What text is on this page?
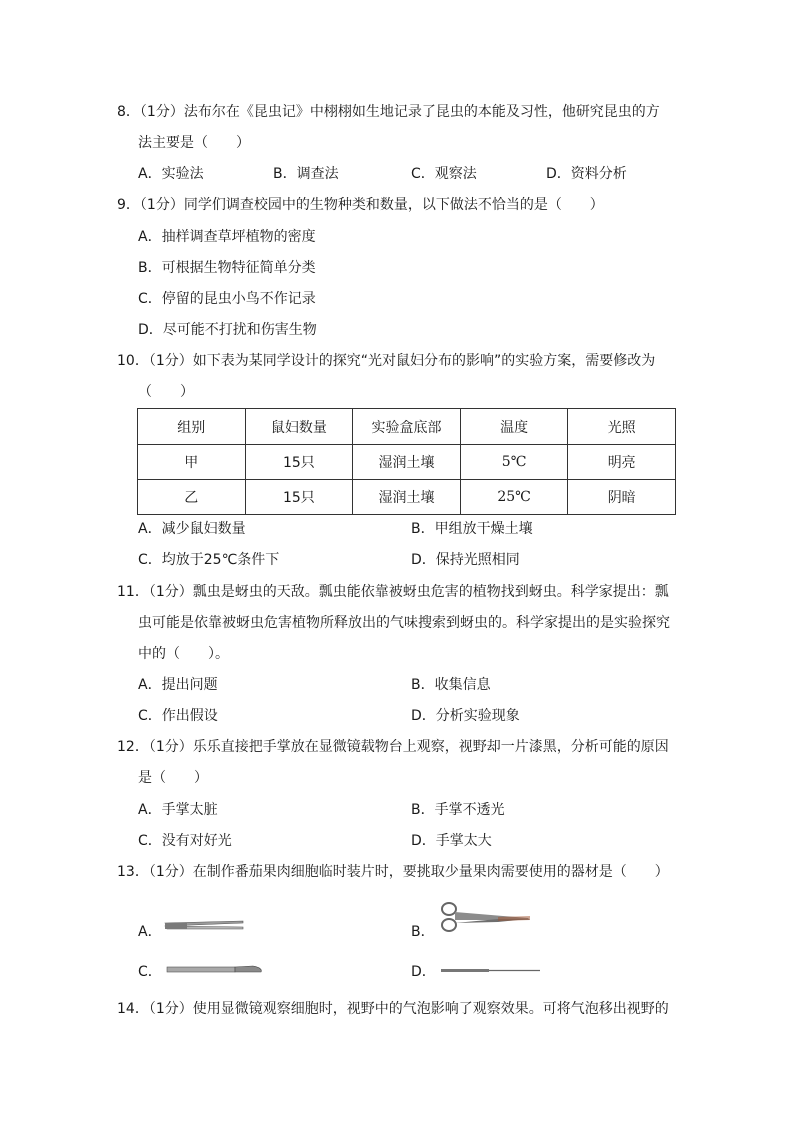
8．（1分）法布尔在《昆虫记》中栩栩如生地记录了昆虫的本能及习性，他研究昆虫的方
法主要是（　　）
A．实验法	B．调查法	C．观察法	D．资料分析
9．（1分）同学们调查校园中的生物种类和数量，以下做法不恰当的是（　　）
A．抽样调查草坪植物的密度
B．可根据生物特征简单分类
C．停留的昆虫小鸟不作记录
D．尽可能不打扰和伤害生物
10．（1分）如下表为某同学设计的探究“光对鼠妇分布的影响”的实验方案，需要修改为
（　　）
组别	鼠妇数量	实验盒底部	温度	光照
甲	15只	湿润土壤	5℃	明亮
乙	15只	湿润土壤	25℃	阴暗
A．减少鼠妇数量	B．甲组放干燥土壤
C．均放于25℃条件下	D．保持光照相同
11．（1分）瓢虫是蚜虫的天敌。瓢虫能依靠被蚜虫危害的植物找到蚜虫。科学家提出：瓢
虫可能是依靠被蚜虫危害植物所释放出的气味搜索到蚜虫的。科学家提出的是实验探究
中的（　　）。
A．提出问题	B．收集信息
C．作出假设	D．分析实验现象
12．（1分）乐乐直接把手掌放在显微镜载物台上观察，视野却一片漆黑，分析可能的原因
是（　　）
A．手掌太脏	B．手掌不透光
C．没有对好光	D．手掌太大
13．（1分）在制作番茄果肉细胞临时装片时，要挑取少量果肉需要使用的器材是（　　）
A．	B．
C．	D．
14．（1分）使用显微镜观察细胞时，视野中的气泡影响了观察效果。可将气泡移出视野的
